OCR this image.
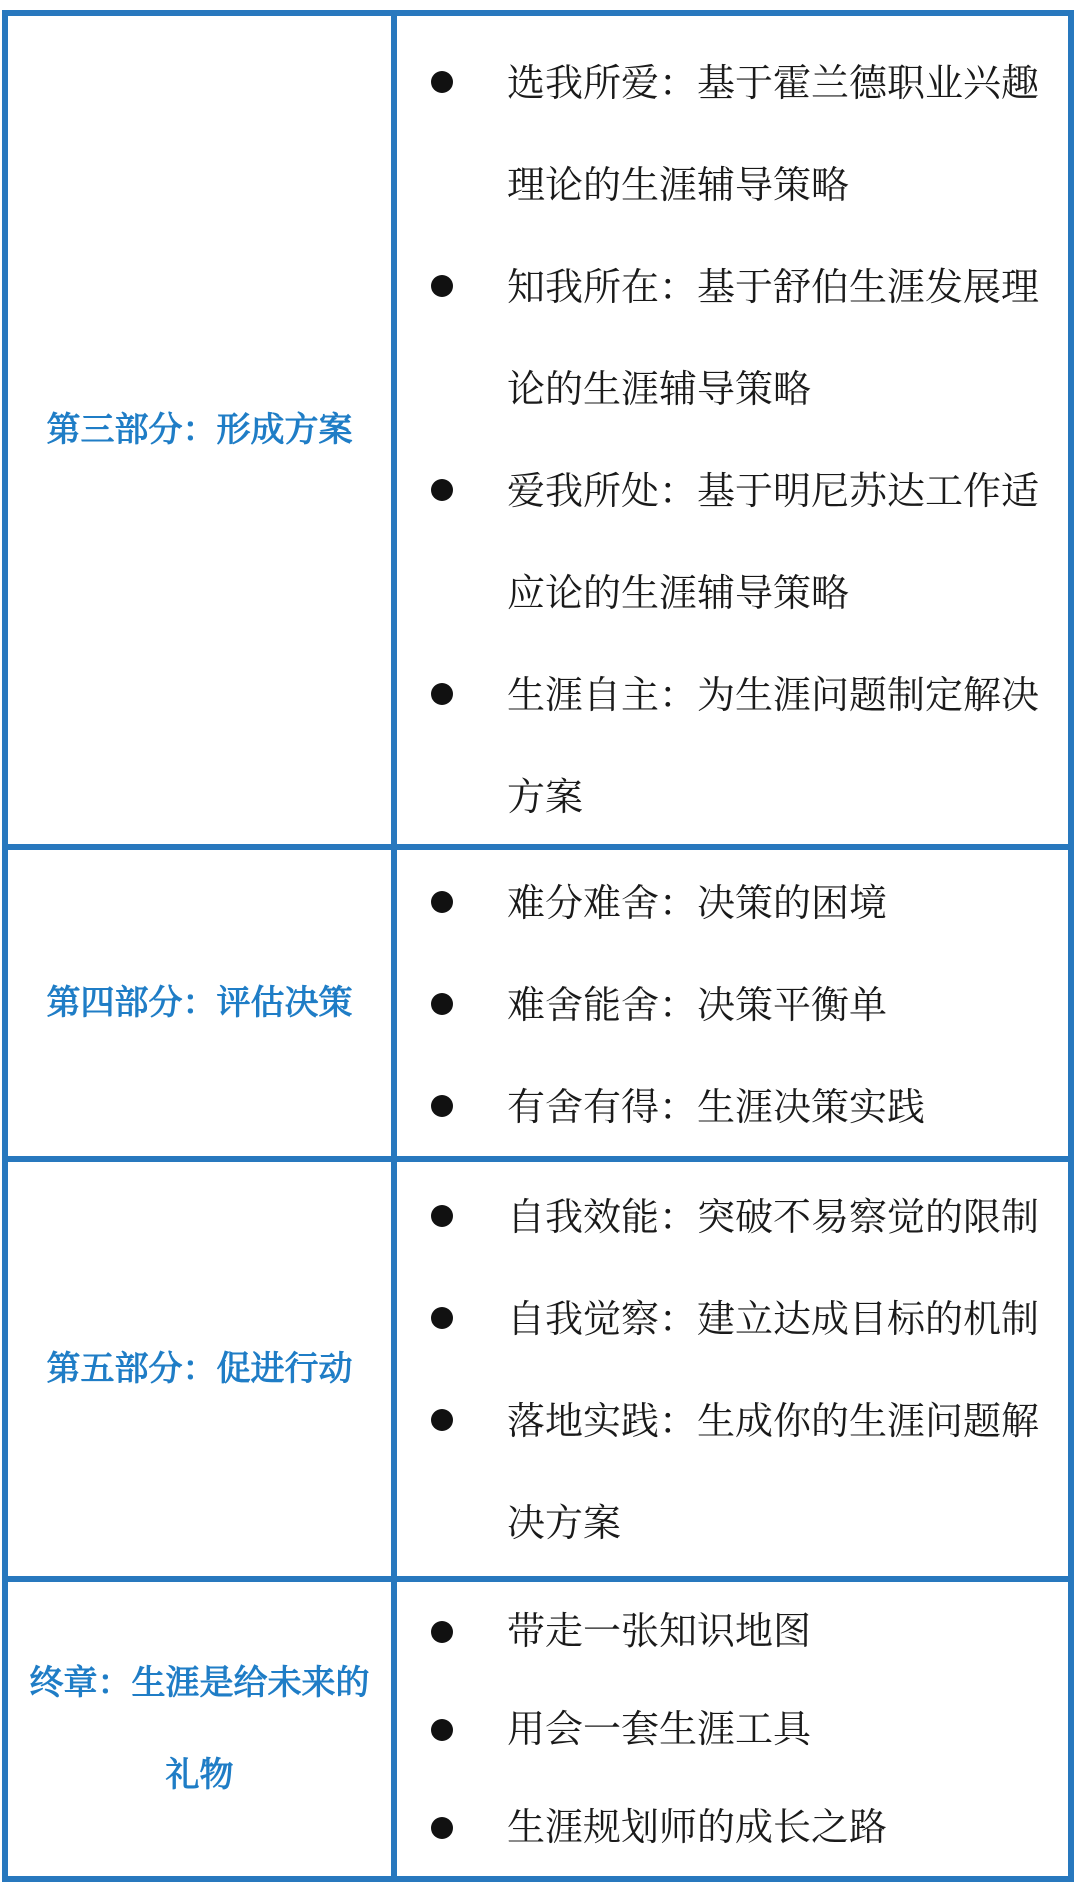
第三部分：形成方案
选我所爱：基于霍兰德职业兴趣理论的生涯辅导策略
知我所在：基于舒伯生涯发展理论的生涯辅导策略
爱我所处：基于明尼苏达工作适应论的生涯辅导策略
生涯自主：为生涯问题制定解决方案
第四部分：评估决策
难分难舍：决策的困境
难舍能舍：决策平衡单
有舍有得：生涯决策实践
第五部分：促进行动
自我效能：突破不易察觉的限制
自我觉察：建立达成目标的机制
落地实践：生成你的生涯问题解决方案
终章：生涯是给未来的礼物
带走一张知识地图
用会一套生涯工具
生涯规划师的成长之路
